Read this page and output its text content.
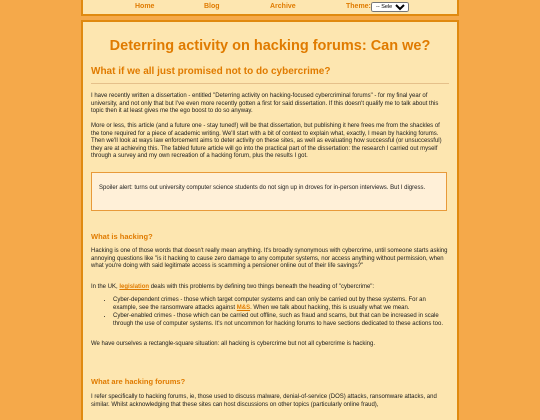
Home	Blog	Archive	Theme:
-- Select --
Deterring activity on hacking forums: Can we?
What if we all just promised not to do cybercrime?

I have recently written a dissertation - entitled "Deterring activity on hacking-focused cybercriminal forums" - for my final year of university, and not only that but I've even more recently gotten a first for said dissertation. If this doesn't qualify me to talk about this topic then it at least gives me the ego boost to do so anyway.

More or less, this article (and a future one - stay tuned!) will be that dissertation, but publishing it here frees me from the shackles of the tone required for a piece of academic writing. We'll start with a bit of context to explain what, exactly, I mean by hacking forums. Then we'll look at ways law enforcement aims to deter activity on these sites, as well as evaluating how successful (or unsuccessful) they are at achieving this. The fabled future article will go into the practical part of the dissertation: the research I carried out myself through a survey and my own recreation of a hacking forum, plus the results I got.

Spoiler alert: turns out university computer science students do not sign up in droves for in-person interviews. But I digress.

What is hacking?

Hacking is one of those words that doesn't really mean anything. It's broadly synonymous with cybercrime, until someone starts asking annoying questions like "is it hacking to cause zero damage to any computer systems, nor access anything without permission, when what you're doing with said legitimate access is scamming a pensioner online out of their life savings?"

In the UK, legislation deals with this problems by defining two things beneath the heading of "cybercrime":

• Cyber-dependent crimes - those which target computer systems and can only be carried out by these systems. For an example, see the ransomware attacks against M&S. When we talk about hacking, this is usually what we mean.
• Cyber-enabled crimes - those which can be carried out offline, such as fraud and scams, but that can be increased in scale through the use of computer systems. It's not uncommon for hacking forums to have sections dedicated to these actions too.

We have ourselves a rectangle-square situation: all hacking is cybercrime but not all cybercrime is hacking.

What are hacking forums?

I refer specifically to hacking forums, ie, those used to discuss malware, denial-of-service (DOS) attacks, ransomware attacks, and similar. Whilst acknowledging that these sites can host discussions on other topics (particularly online fraud),
